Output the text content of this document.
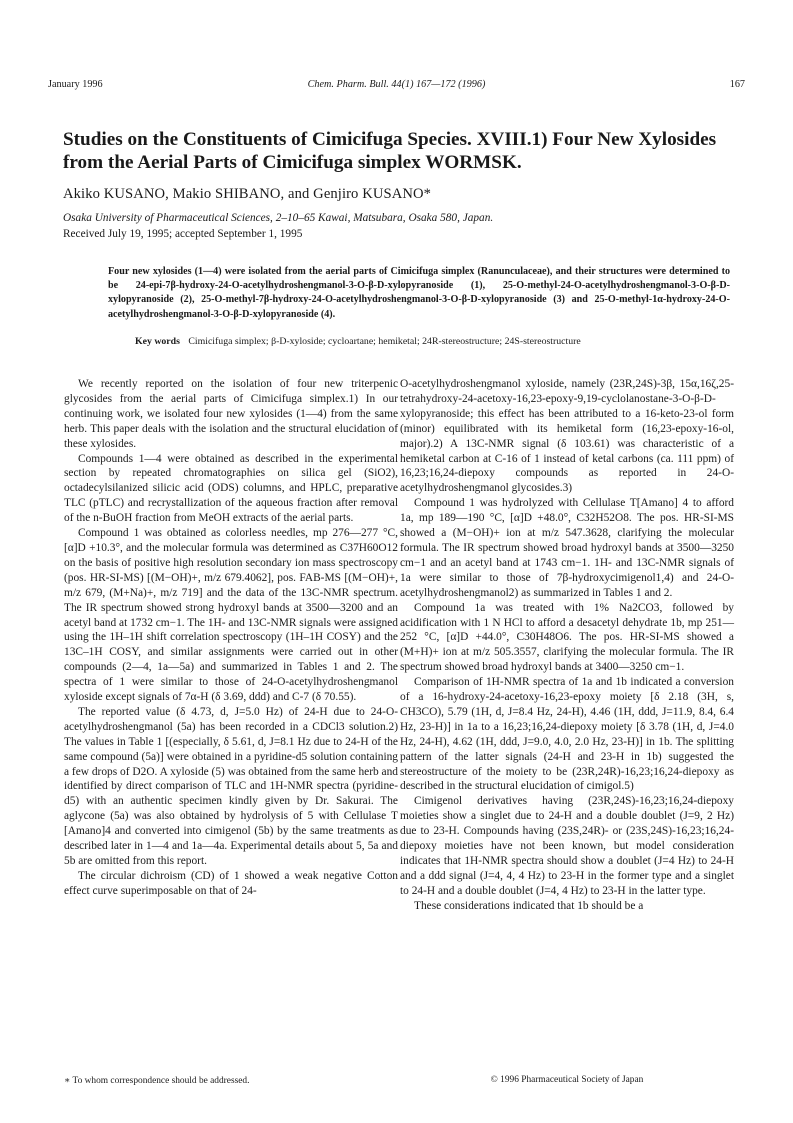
January 1996	Chem. Pharm. Bull. 44(1) 167—172 (1996)	167
Studies on the Constituents of Cimicifuga Species. XVIII.1) Four New Xylosides from the Aerial Parts of Cimicifuga simplex WORMSK.
Akiko KUSANO, Makio SHIBANO, and Genjiro KUSANO*
Osaka University of Pharmaceutical Sciences, 2–10–65 Kawai, Matsubara, Osaka 580, Japan.
Received July 19, 1995; accepted September 1, 1995
Four new xylosides (1—4) were isolated from the aerial parts of Cimicifuga simplex (Ranunculaceae), and their structures were determined to be 24-epi-7β-hydroxy-24-O-acetylhydroshengmanol-3-O-β-D-xylopyranoside (1), 25-O-methyl-24-O-acetylhydroshengmanol-3-O-β-D-xylopyranoside (2), 25-O-methyl-7β-hydroxy-24-O-acetylhydroshengmanol-3-O-β-D-xylopyranoside (3) and 25-O-methyl-1α-hydroxy-24-O-acetylhydroshengmanol-3-O-β-D-xylopyranoside (4).
Key words Cimicifuga simplex; β-D-xyloside; cycloartane; hemiketal; 24R-stereostructure; 24S-stereostructure

We recently reported on the isolation of four new triterpenic glycosides from the aerial parts of Cimicifuga simplex.1) In our continuing work, we isolated four new xylosides (1—4) from the same herb. This paper deals with the isolation and the structural elucidation of these xylosides.

Compounds 1—4 were obtained as described in the experimental section by repeated chromatographies on silica gel (SiO2), octadecylsilanized silicic acid (ODS) columns, and HPLC, preparative TLC (pTLC) and recrystallization of the aqueous fraction after removal of the n-BuOH fraction from MeOH extracts of the aerial parts.

Compound 1 was obtained as colorless needles, mp 276—277 °C, [α]D +10.3°, and the molecular formula was determined as C37H60O12 on the basis of positive high resolution secondary ion mass spectroscopy (pos. HR-SI-MS) [(M−OH)+, m/z 679.4062], pos. FAB-MS [(M−OH)+, m/z 679, (M+Na)+, m/z 719] and the data of the 13C-NMR spectrum. The IR spectrum showed strong hydroxyl bands at 3500—3200 and an acetyl band at 1732 cm−1. The 1H- and 13C-NMR signals were assigned using the 1H–1H shift correlation spectroscopy (1H–1H COSY) and the 13C–1H COSY, and similar assignments were carried out in other compounds (2—4, 1a—5a) and summarized in Tables 1 and 2. The spectra of 1 were similar to those of 24-O-acetylhydroshengmanol xyloside except signals of 7α-H (δ 3.69, ddd) and C-7 (δ 70.55).

The reported value (δ 4.73, d, J=5.0 Hz) of 24-H due to 24-O-acetylhydroshengmanol (5a) has been recorded in a CDCl3 solution.2) The values in Table 1 [(especially, δ 5.61, d, J=8.1 Hz due to 24-H of the same compound (5a)] were obtained in a pyridine-d5 solution containing a few drops of D2O. A xyloside (5) was obtained from the same herb and identified by direct comparison of TLC and 1H-NMR spectra (pyridine-d5) with an authentic specimen kindly given by Dr. Sakurai. The aglycone (5a) was also obtained by hydrolysis of 5 with Cellulase T [Amano]4 and converted into cimigenol (5b) by the same treatments as described later in 1—4 and 1a—4a. Experimental details about 5, 5a and 5b are omitted from this report.

The circular dichroism (CD) of 1 showed a weak negative Cotton effect curve superimposable on that of 24-

O-acetylhydroshengmanol xyloside, namely (23R,24S)-3β, 15α,16ζ,25-tetrahydroxy-24-acetoxy-16,23-epoxy-9,19-cyclolanostane-3-O-β-D-xylopyranoside; this effect has been attributed to a 16-keto-23-ol form (minor) equilibrated with its hemiketal form (16,23-epoxy-16-ol, major).2) A 13C-NMR signal (δ 103.61) was characteristic of a hemiketal carbon at C-16 of 1 instead of ketal carbons (ca. 111 ppm) of 16,23;16,24-diepoxy compounds as reported in 24-O-acetylhydroshengmanol glycosides.3)

Compound 1 was hydrolyzed with Cellulase T[Amano] 4 to afford 1a, mp 189—190 °C, [α]D +48.0°, C32H52O8. The pos. HR-SI-MS showed a (M−OH)+ ion at m/z 547.3628, clarifying the molecular formula. The IR spectrum showed broad hydroxyl bands at 3500—3250 cm−1 and an acetyl band at 1743 cm−1. 1H- and 13C-NMR signals of 1a were similar to those of 7β-hydroxycimigenol1,4) and 24-O-acetylhydroshengmanol2) as summarized in Tables 1 and 2.

Compound 1a was treated with 1% Na2CO3, followed by acidification with 1 N HCl to afford a desacetyl dehydrate 1b, mp 251—252 °C, [α]D +44.0°, C30H48O6. The pos. HR-SI-MS showed a (M+H)+ ion at m/z 505.3557, clarifying the molecular formula. The IR spectrum showed broad hydroxyl bands at 3400—3250 cm−1.

Comparison of 1H-NMR spectra of 1a and 1b indicated a conversion of a 16-hydroxy-24-acetoxy-16,23-epoxy moiety [δ 2.18 (3H, s, CH3CO), 5.79 (1H, d, J=8.4 Hz, 24-H), 4.46 (1H, ddd, J=11.9, 8.4, 6.4 Hz, 23-H)] in 1a to a 16,23;16,24-diepoxy moiety [δ 3.78 (1H, d, J=4.0 Hz, 24-H), 4.62 (1H, ddd, J=9.0, 4.0, 2.0 Hz, 23-H)] in 1b. The splitting pattern of the latter signals (24-H and 23-H in 1b) suggested the stereostructure of the moiety to be (23R,24R)-16,23;16,24-diepoxy as described in the structural elucidation of cimigol.5)

Cimigenol derivatives having (23R,24S)-16,23;16,24-diepoxy moieties show a singlet due to 24-H and a double doublet (J=9, 2 Hz) due to 23-H. Compounds having (23S,24R)- or (23S,24S)-16,23;16,24-diepoxy moieties have not been known, but model consideration indicates that 1H-NMR spectra should show a doublet (J=4 Hz) to 24-H and a ddd signal (J=4, 4, 4 Hz) to 23-H in the former type and a singlet to 24-H and a double doublet (J=4, 4 Hz) to 23-H in the latter type.

These considerations indicated that 1b should be a

∗ To whom correspondence should be addressed.	© 1996 Pharmaceutical Society of Japan
